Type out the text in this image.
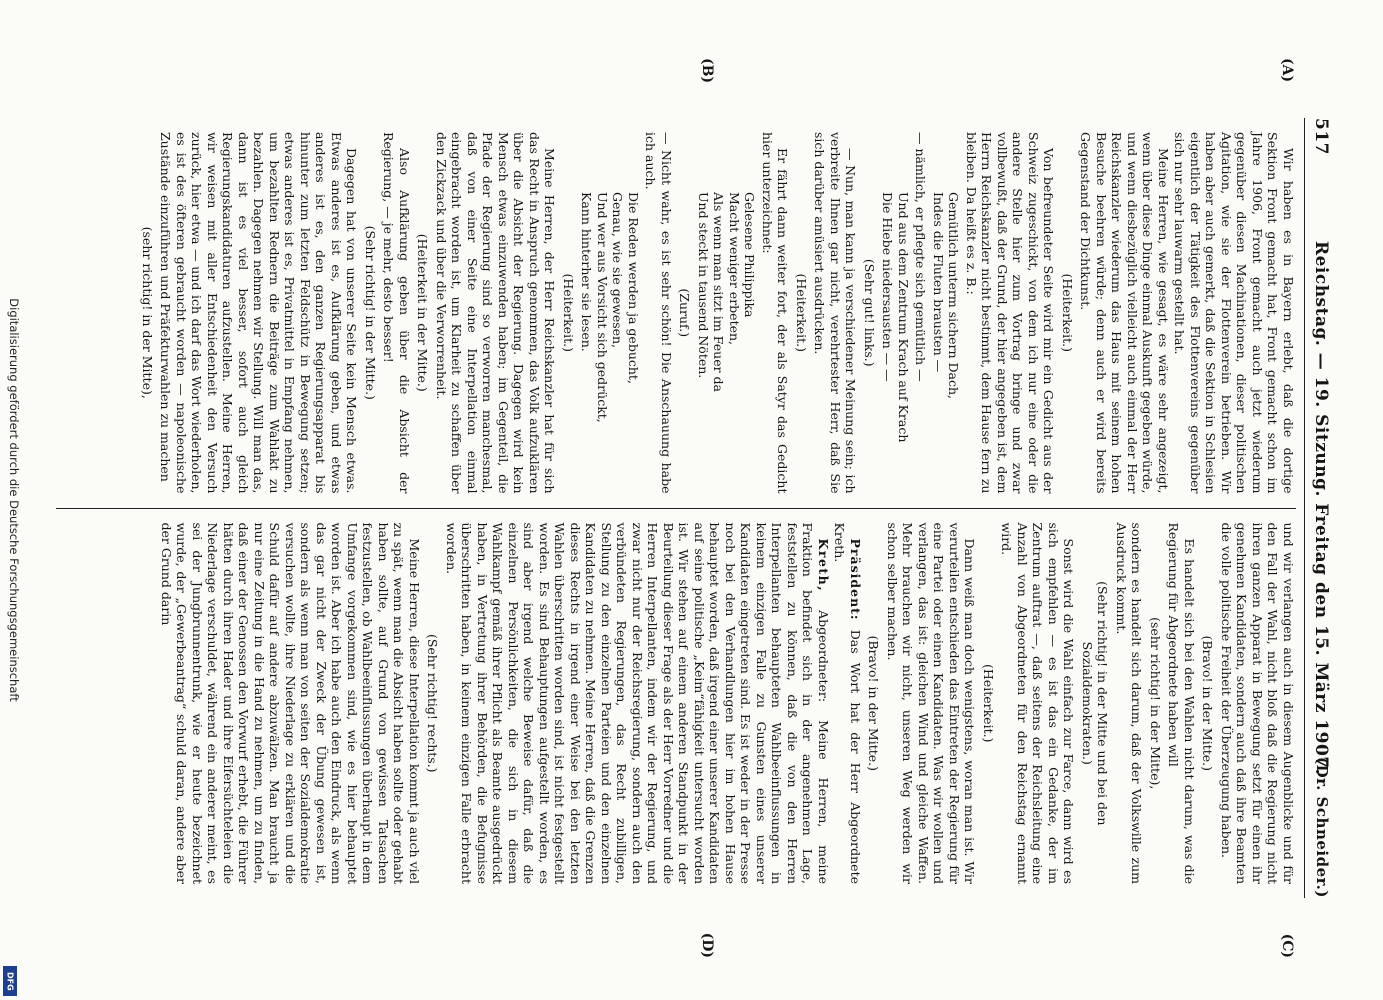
517
Reichstag. — 19. Sitzung. Freitag den 15. März 1907.
(Dr. Schneider.)
(A)
(B)
(C)
(D)

Wir haben es in Bayern erlebt, daß die dortige Sektion Front gemacht hat, Front gemacht schon im Jahre 1906, Front gemacht auch jetzt wiederum gegenüber diesen Machinationen, dieser politischen Agitation, wie sie der Flottenverein betrieben. Wir haben aber auch gemerkt, daß die Sektion in Schlesien eigentlich der Tätigkeit des Flottenvereins gegenüber sich nur sehr lauwarm gestellt hat.

Meine Herren, wie gesagt, es wäre sehr angezeigt, wenn über diese Dinge einmal Auskunft gegeben würde, und wenn diesbezüglich vielleicht auch einmal der Herr Reichskanzler wiederum das Haus mit seinem hohen Besuche beehren würde; denn auch er wird bereits Gegenstand der Dichtkunst.

(Heiterkeit.)

Von befreundeter Seite wird mir ein Gedicht aus der Schweiz zugeschickt, von dem ich nur eine oder die andere Stelle hier zum Vortrag bringe und zwar vollbewußt, daß der Grund, der hier angegeben ist, dem Herrn Reichskanzler nicht bestimmt, dem Hause fern zu bleiben. Da heißt es z. B.:

Gemütlich unterm sichern Dach,
Indes die Fluten brausten —
— nämlich, er pflegte sich gemütlich —
Und aus dem Zentrum Krach auf Krach
Die Hiebe niedersausten — —
(Sehr gut! links.)

— Nun, man kann ja verschiedener Meinung sein; ich verbreite Ihnen gar nicht, verehrtester Herr, daß Sie sich darüber amüsiert ausdrücken.

(Heiterkeit.)

Er fährt dann weiter fort, der als Satyr das Gedicht hier unterzeichnet:

Gelesene Philippika
Macht weniger erbeten,
Als wenn man sitzt im Feuer da
Und steckt in tausend Nöten.
(Zuruf.)
— Nicht wahr, es ist sehr schön! Die Anschauung habe ich auch.
Die Reden werden ja gebucht,
Genau, wie sie gewesen,
Und wer aus Vorsicht sich gedrückt,
Kann hinterher sie lesen.
(Heiterkeit.)

Meine Herren, der Herr Reichskanzler hat für sich das Recht in Anspruch genommen, das Volk aufzuklären über die Absicht der Regierung. Dagegen wird kein Mensch etwas einzuwenden haben; im Gegenteil, die Pfade der Regierung sind so verworren manchesmal, daß von einer Seite eine Interpellation einmal eingebracht worden ist, um Klarheit zu schaffen über den Zickzack und über die Verworrenheit.

(Heiterkeit in der Mitte.)

Also Aufklärung geben über die Absicht der Regierung, — je mehr, desto besser!

(Sehr richtig! in der Mitte.)

Dagegen hat von unserer Seite kein Mensch etwas. Etwas anderes ist es, Aufklärung geben, und etwas anderes ist es, den ganzen Regierungsapparat bis hinunter zum letzten Feldschütz in Bewegung setzen; etwas anderes ist es, Privatmittel in Empfang nehmen, um bezahlten Rednern die Beiträge zum Wahlakt zu bezahlen. Dagegen nehmen wir Stellung. Will man das, dann ist es viel besser, sofort auch gleich Regierungskandidaturen aufzustellen. Meine Herren, wir weisen mit aller Entschiedenheit den Versuch zurück, hier etwa — und ich darf das Wort wiederholen, es ist des öfteren gebraucht worden — napoleonische Zustände einzuführen und Präfekturwahlen zu machen

(sehr richtig! in der Mitte),

und wir verlangen auch in diesem Augenblicke und für den Fall der Wahl, nicht bloß daß die Regierung nicht ihren ganzen Apparat in Bewegung setzt für einen ihr genehmen Kandidaten, sondern auch daß ihre Beamten die volle politische Freiheit der Überzeugung haben.

(Bravo! in der Mitte.)

Es handelt sich bei den Wahlen nicht darum, was die Regierung für Abgeordnete haben will

(sehr richtig! in der Mitte),

sondern es handelt sich darum, daß der Volkswille zum Ausdruck kommt.

(Sehr richtig! in der Mitte und bei den Sozialdemokraten.)

Sonst wird die Wahl einfach zur Farce, dann wird es sich empfehlen — es ist das ein Gedanke, der im Zentrum auftrat —, daß seitens der Reichsleitung eine Anzahl von Abgeordneten für den Reichstag ernannt wird.

(Heiterkeit.)

Dann weiß man doch wenigstens, woran man ist. Wir verurteilen entschieden das Eintreten der Regierung für eine Partei oder einen Kandidaten. Was wir wollen und verlangen, das ist: gleichen Wind und gleiche Waffen. Mehr brauchen wir nicht, unseren Weg werden wir schon selber machen.

(Bravo! in der Mitte.)

Präsident: Das Wort hat der Herr Abgeordnete Kreth.

Kreth, Abgeordneter: Meine Herren, meine Fraktion befindet sich in der angenehmen Lage, feststellen zu können, daß die von den Herren Interpellanten behaupteten Wahlbeeinflussungen in keinem einzigen Falle zu Gunsten eines unserer Kandidaten eingetreten sind. Es ist weder in der Presse noch bei den Verhandlungen hier im hohen Hause behauptet worden, daß irgend einer unserer Kandidaten auf seine politische „Keim“fähigkeit untersucht worden ist. Wir stehen auf einem anderen Standpunkt in der Beurteilung dieser Frage als der Herr Vorredner und die Herren Interpellanten, indem wir der Regierung, und zwar nicht nur der Reichsregierung, sondern auch den verbündeten Regierungen, das Recht zubilligen, Stellung zu den einzelnen Parteien und den einzelnen Kandidaten zu nehmen. Meine Herren, daß die Grenzen dieses Rechts in irgend einer Weise bei den letzten Wahlen überschritten worden sind, ist nicht festgestellt worden. Es sind Behauptungen aufgestellt worden, es sind aber irgend welche Beweise dafür, daß die einzelnen Persönlichkeiten, die sich in diesem Wahlkampf gemäß ihrer Pflicht als Beamte ausgedrückt haben, in Vertretung ihrer Behörden, die Befugnisse überschritten haben, in keinem einzigen Falle erbracht worden.

(Sehr richtig! rechts.)

Meine Herren, diese Interpellation kommt ja auch viel zu spät, wenn man die Absicht haben sollte oder gehabt haben sollte, auf Grund von gewissen Tatsachen festzustellen, ob Wahlbeeinflussungen überhaupt in dem Umfange vorgekommen sind, wie es hier behauptet worden ist. Aber ich habe auch den Eindruck, als wenn das gar nicht der Zweck der Übung gewesen ist, sondern als wenn man von seiten der Sozialdemokratie versuchen wollte, ihre Niederlage zu erklären und die Schuld dafür auf andere abzuwälzen. Man braucht ja nur eine Zeitung in die Hand zu nehmen, um zu finden, daß einer der Genossen den Vorwurf erhebt, die Führer hätten durch ihren Hader und ihre Eifersüchteleien die Niederlage verschuldet, während ein anderer meint, es sei der Jungbrunnentrunk, wie er heute bezeichnet wurde, der „Gewerbeantrag“ schuld daran, andere aber der Grund darin

Digitalisierung gefördert durch die Deutsche Forschungsgemeinschaft
DFG
